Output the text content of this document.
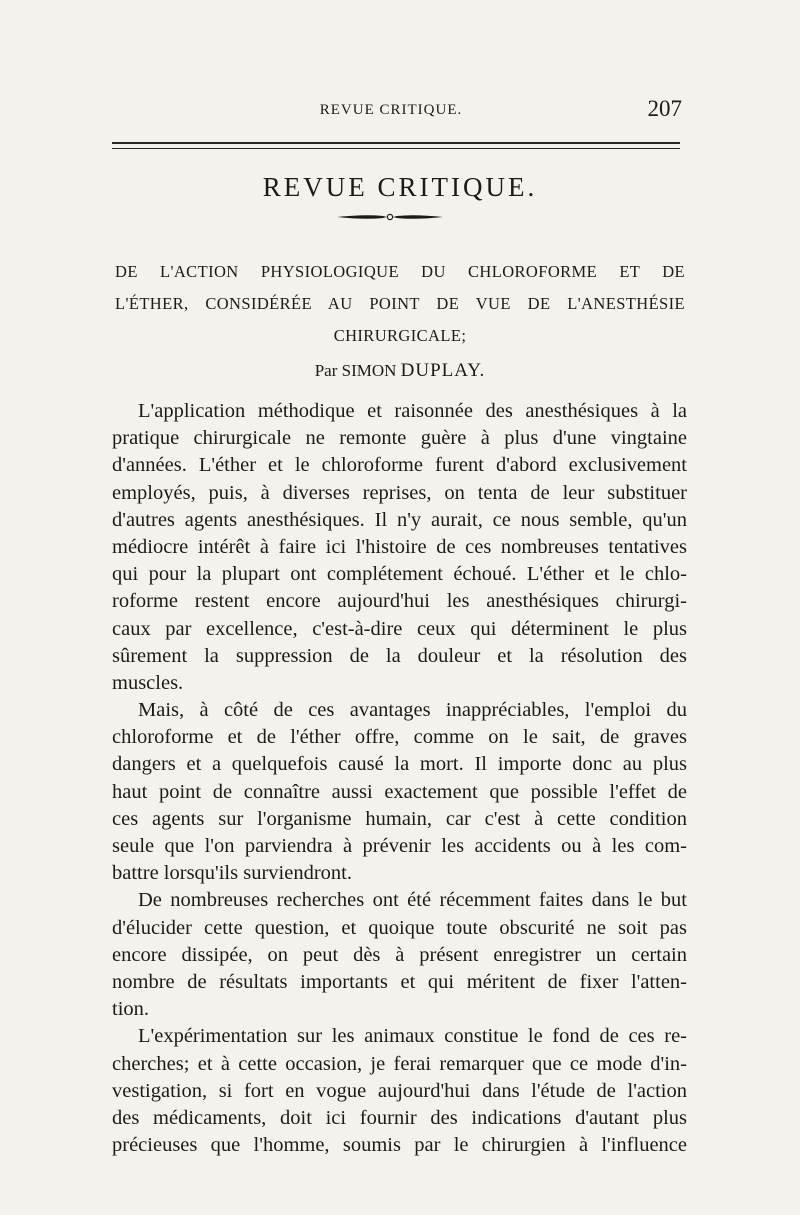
REVUE CRITIQUE.	207
REVUE CRITIQUE.
DE L'ACTION PHYSIOLOGIQUE DU CHLOROFORME ET DE
L'ÉTHER, CONSIDÉRÉE AU POINT DE VUE DE L'ANESTHÉSIE
CHIRURGICALE;
Par SIMON DUPLAY.
L'application méthodique et raisonnée des anesthésiques à la
pratique chirurgicale ne remonte guère à plus d'une vingtaine
d'années. L'éther et le chloroforme furent d'abord exclusivement
employés, puis, à diverses reprises, on tenta de leur substituer
d'autres agents anesthésiques. Il n'y aurait, ce nous semble, qu'un
médiocre intérêt à faire ici l'histoire de ces nombreuses tentatives
qui pour la plupart ont complétement échoué. L'éther et le chlo-
roforme restent encore aujourd'hui les anesthésiques chirurgi-
caux par excellence, c'est-à-dire ceux qui déterminent le plus
sûrement la suppression de la douleur et la résolution des
muscles.
Mais, à côté de ces avantages inappréciables, l'emploi du
chloroforme et de l'éther offre, comme on le sait, de graves
dangers et a quelquefois causé la mort. Il importe donc au plus
haut point de connaître aussi exactement que possible l'effet de
ces agents sur l'organisme humain, car c'est à cette condition
seule que l'on parviendra à prévenir les accidents ou à les com-
battre lorsqu'ils surviendront.
De nombreuses recherches ont été récemment faites dans le but
d'élucider cette question, et quoique toute obscurité ne soit pas
encore dissipée, on peut dès à présent enregistrer un certain
nombre de résultats importants et qui méritent de fixer l'atten-
tion.
L'expérimentation sur les animaux constitue le fond de ces re-
cherches; et à cette occasion, je ferai remarquer que ce mode d'in-
vestigation, si fort en vogue aujourd'hui dans l'étude de l'action
des médicaments, doit ici fournir des indications d'autant plus
précieuses que l'homme, soumis par le chirurgien à l'influence
